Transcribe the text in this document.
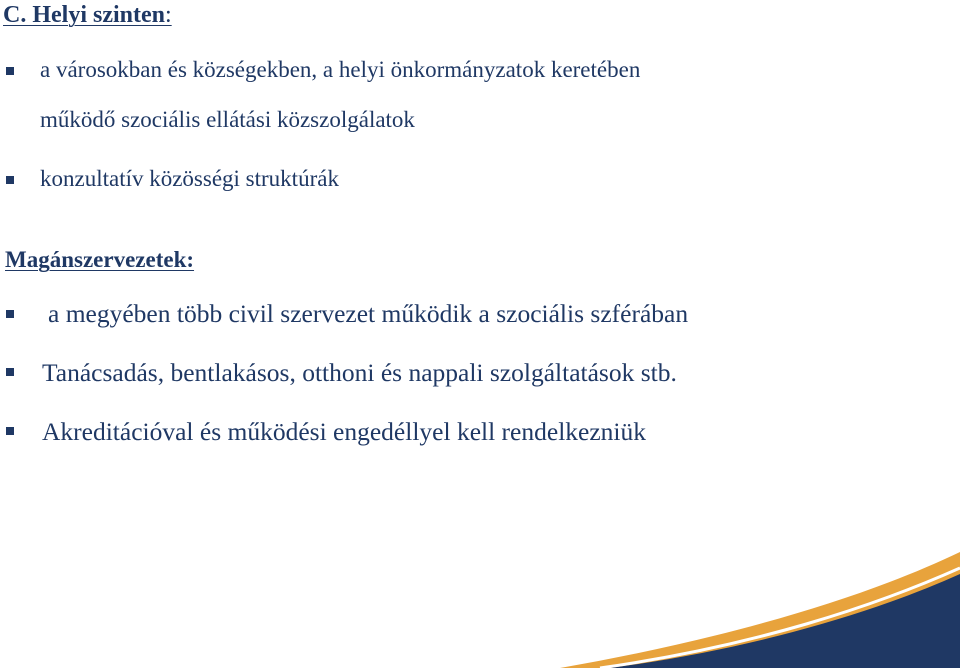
C. Helyi szinten:
a városokban és községekben, a helyi önkormányzatok keretében
működő szociális ellátási közszolgálatok
konzultatív közösségi struktúrák
Magánszervezetek:
a megyében több civil szervezet működik a szociális szférában
Tanácsadás, bentlakásos, otthoni és nappali szolgáltatások stb.
Akreditációval és működési engedéllyel kell rendelkezniük
